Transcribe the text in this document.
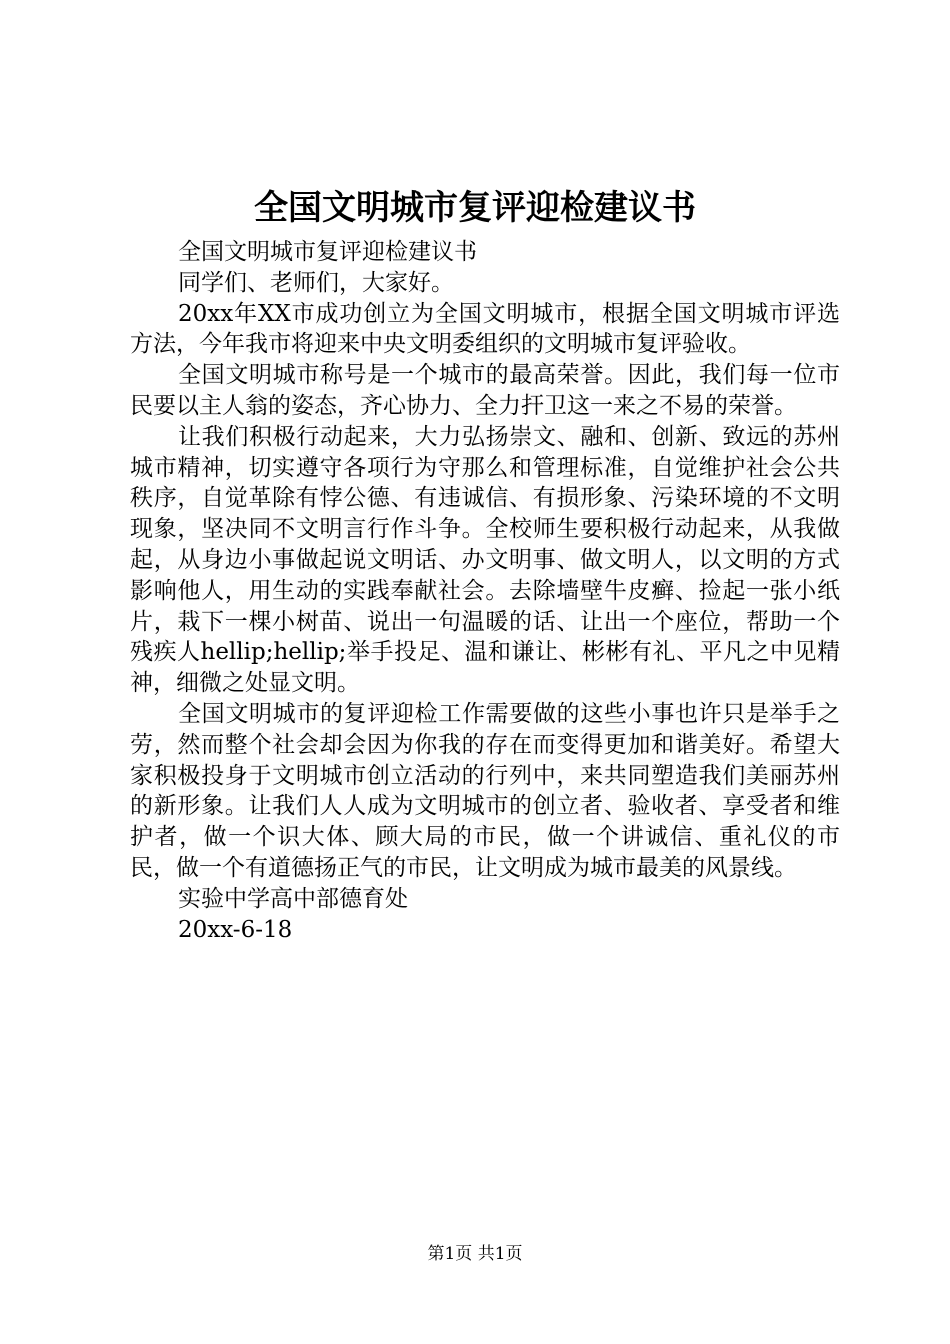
全国文明城市复评迎检建议书

全国文明城市复评迎检建议书

同学们、老师们，大家好。

20xx年XX市成功创立为全国文明城市，根据全国文明城市评选方法，今年我市将迎来中央文明委组织的文明城市复评验收。

全国文明城市称号是一个城市的最高荣誉。因此，我们每一位市民要以主人翁的姿态，齐心协力、全力扞卫这一来之不易的荣誉。

让我们积极行动起来，大力弘扬崇文、融和、创新、致远的苏州城市精神，切实遵守各项行为守那么和管理标准，自觉维护社会公共秩序，自觉革除有悖公德、有违诚信、有损形象、污染环境的不文明现象，坚决同不文明言行作斗争。全校师生要积极行动起来，从我做起，从身边小事做起说文明话、办文明事、做文明人，以文明的方式影响他人，用生动的实践奉献社会。去除墙壁牛皮癣、捡起一张小纸片，栽下一棵小树苗、说出一句温暖的话、让出一个座位，帮助一个残疾人hellip;hellip;举手投足、温和谦让、彬彬有礼、平凡之中见精神，细微之处显文明。

全国文明城市的复评迎检工作需要做的这些小事也许只是举手之劳，然而整个社会却会因为你我的存在而变得更加和谐美好。希望大家积极投身于文明城市创立活动的行列中，来共同塑造我们美丽苏州的新形象。让我们人人成为文明城市的创立者、验收者、享受者和维护者，做一个识大体、顾大局的市民，做一个讲诚信、重礼仪的市民，做一个有道德扬正气的市民，让文明成为城市最美的风景线。

实验中学高中部德育处

20xx-6-18

第1页 共1页
